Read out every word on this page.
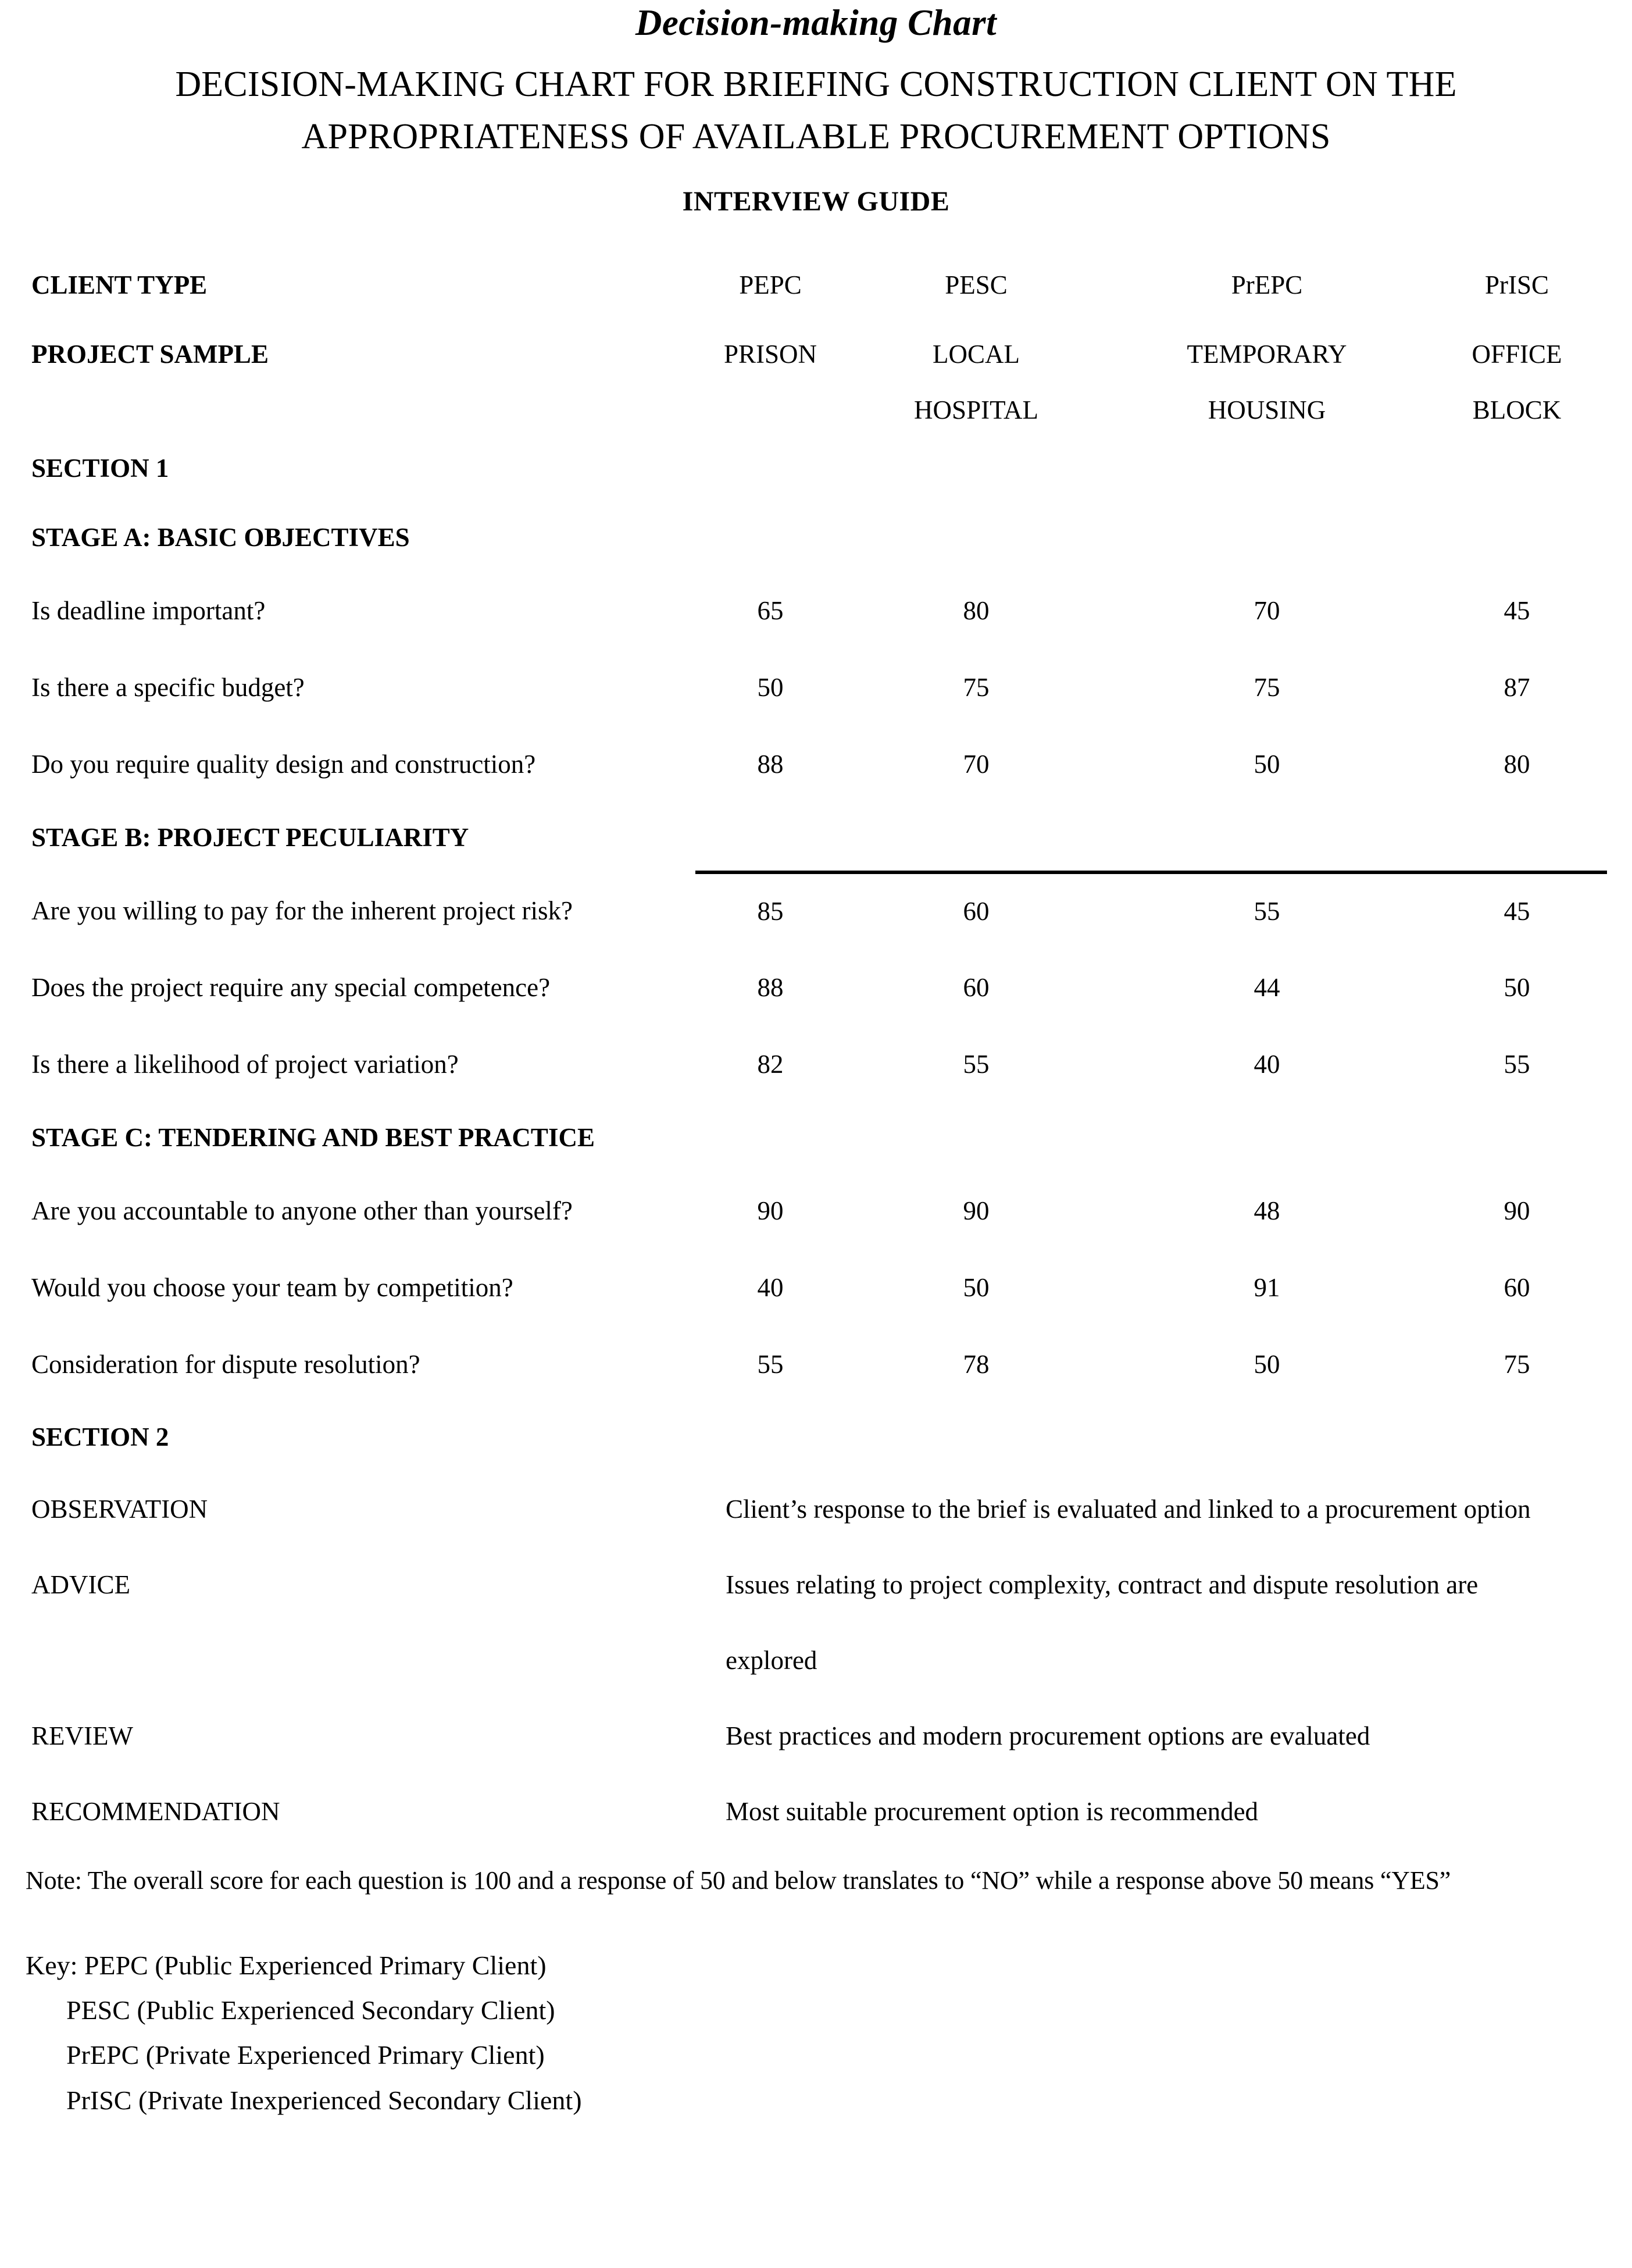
Decision-making Chart
DECISION-MAKING CHART FOR BRIEFING CONSTRUCTION CLIENT ON THE
APPROPRIATENESS OF AVAILABLE PROCUREMENT OPTIONS
INTERVIEW GUIDE
CLIENT TYPE	PEPC	PESC	PrEPC	PrISC
PROJECT SAMPLE	PRISON	LOCAL	TEMPORARY	OFFICE
		HOSPITAL	HOUSING	BLOCK
SECTION 1				
STAGE A: BASIC OBJECTIVES				
Is deadline important?	65	80	70	45
Is there a specific budget?	50	75	75	87
Do you require quality design and construction?	88	70	50	80
STAGE B: PROJECT PECULIARITY				
Are you willing to pay for the inherent project risk?	85	60	55	45
Does the project require any special competence?	88	60	44	50
Is there a likelihood of project variation?	82	55	40	55
STAGE C: TENDERING AND BEST PRACTICE				
Are you accountable to anyone other than yourself?	90	90	48	90
Would you choose your team by competition?	40	50	91	60
Consideration for dispute resolution?	55	78	50	75
SECTION 2				
OBSERVATION	Client’s response to the brief is evaluated and linked to a procurement option			
ADVICE	Issues relating to project complexity, contract and dispute resolution are			
	explored			
REVIEW	Best practices and modern procurement options are evaluated			
RECOMMENDATION	Most suitable procurement option is recommended			
Note: The overall score for each question is 100 and a response of 50 and below translates to “NO” while a response above 50 means “YES”
Key: PEPC (Public Experienced Primary Client)
PESC (Public Experienced Secondary Client)
PrEPC (Private Experienced Primary Client)
PrISC (Private Inexperienced Secondary Client)
